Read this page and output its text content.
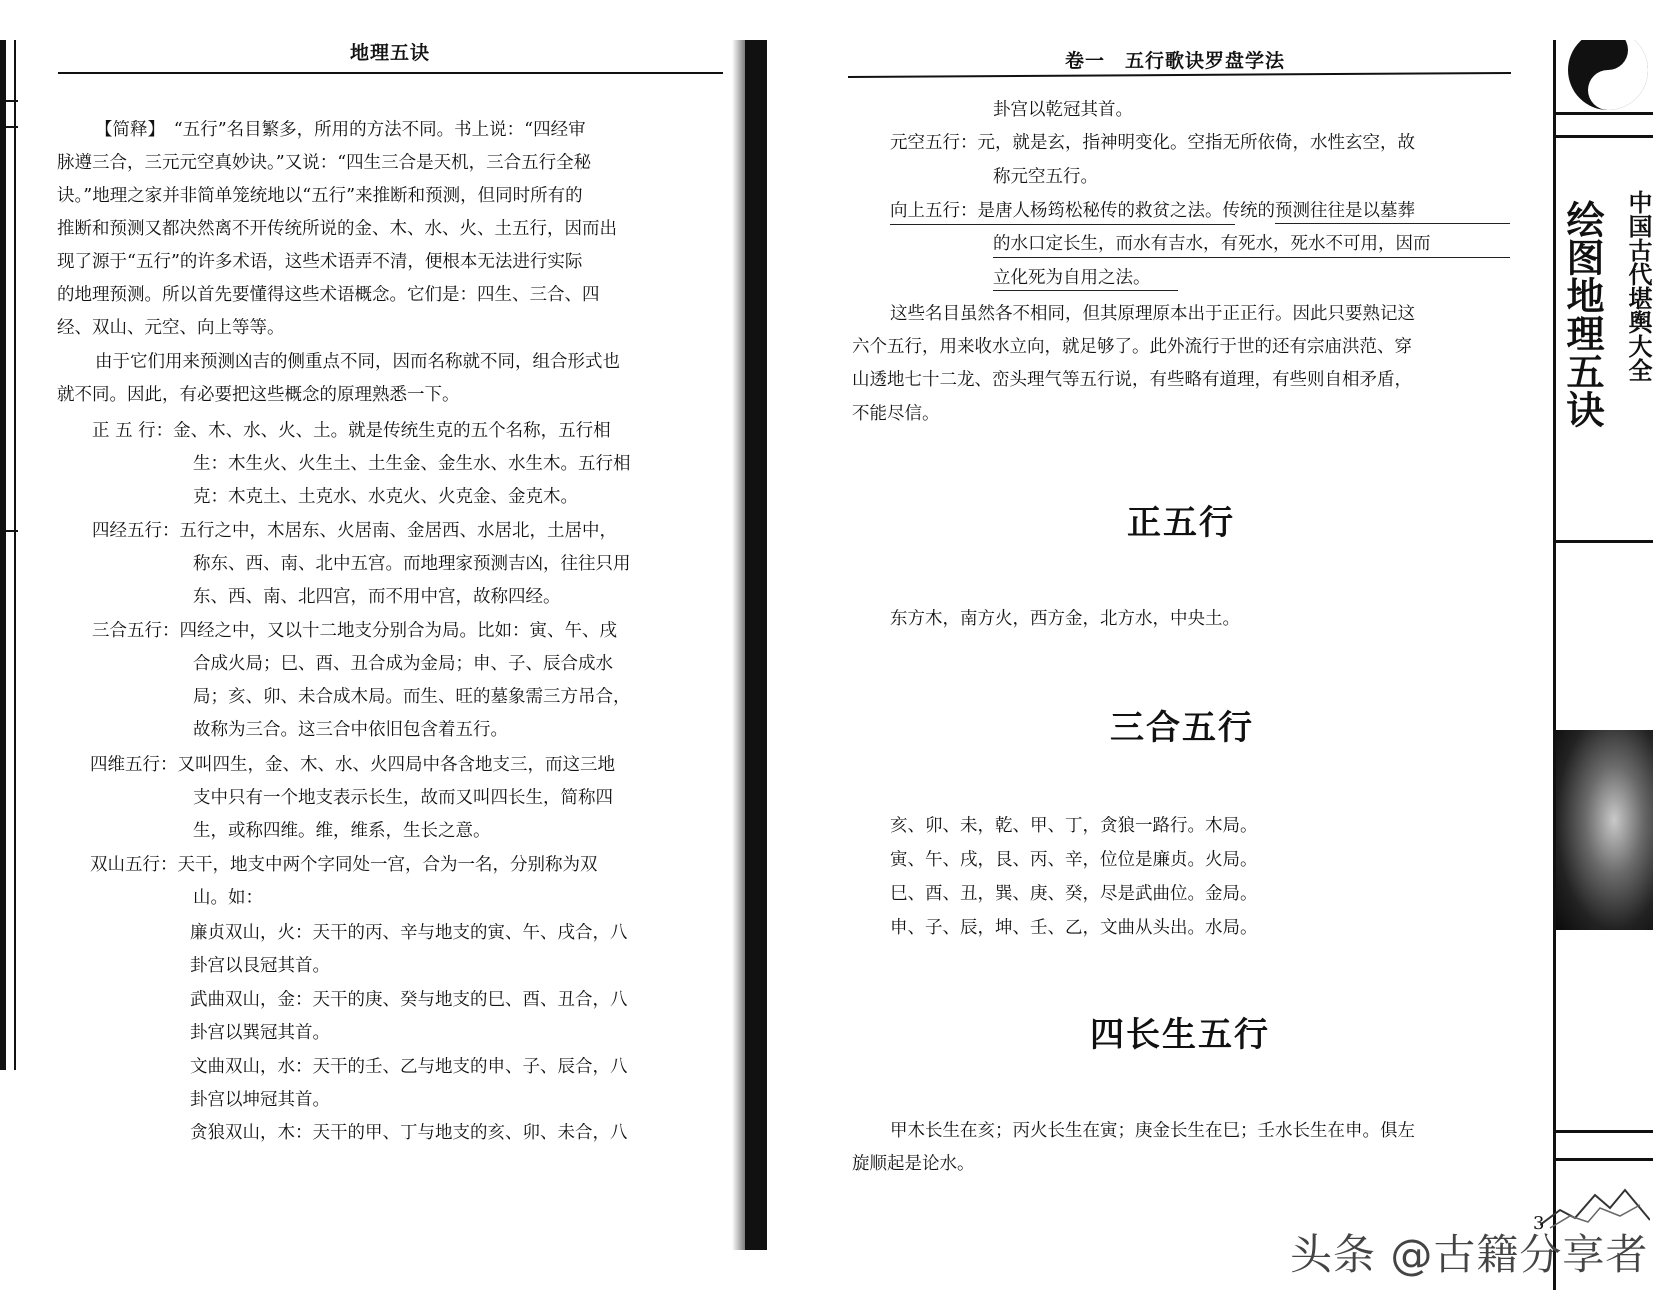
地理五诀
【简释】　“五行”名目繁多，所用的方法不同。书上说：“四经审
脉遵三合，三元元空真妙诀。”又说：“四生三合是天机，三合五行全秘
诀。”地理之家并非简单笼统地以“五行”来推断和预测，但同时所有的
推断和预测又都决然离不开传统所说的金、木、水、火、土五行，因而出
现了源于“五行”的许多术语，这些术语弄不清，便根本无法进行实际
的地理预测。所以首先要懂得这些术语概念。它们是：四生、三合、四
经、双山、元空、向上等等。
由于它们用来预测凶吉的侧重点不同，因而名称就不同，组合形式也
就不同。因此，有必要把这些概念的原理熟悉一下。
正 五 行：金、木、水、火、土。就是传统生克的五个名称，五行相
生：木生火、火生土、土生金、金生水、水生木。五行相
克：木克土、土克水、水克火、火克金、金克木。
四经五行：五行之中，木居东、火居南、金居西、水居北，土居中，
称东、西、南、北中五宫。而地理家预测吉凶，往往只用
东、西、南、北四宫，而不用中宫，故称四经。
三合五行：四经之中，又以十二地支分别合为局。比如：寅、午、戌
合成火局；巳、酉、丑合成为金局；申、子、辰合成水
局；亥、卯、未合成木局。而生、旺的墓象需三方吊合，
故称为三合。这三合中依旧包含着五行。
四维五行：又叫四生，金、木、水、火四局中各含地支三，而这三地
支中只有一个地支表示长生，故而又叫四长生，简称四
生，或称四维。维，维系，生长之意。
双山五行：天干，地支中两个字同处一宫，合为一名，分别称为双
山。如：
廉贞双山，火：天干的丙、辛与地支的寅、午、戌合，八
卦宫以艮冠其首。
武曲双山，金：天干的庚、癸与地支的巳、酉、丑合，八
卦宫以巽冠其首。
文曲双山，水：天干的壬、乙与地支的申、子、辰合，八
卦宫以坤冠其首。
贪狼双山，木：天干的甲、丁与地支的亥、卯、未合，八
卷一　五行歌诀罗盘学法
卦宫以乾冠其首。
元空五行：元，就是玄，指神明变化。空指无所依倚，水性玄空，故
称元空五行。
向上五行：是唐人杨筠松秘传的救贫之法。传统的预测往往是以墓葬
的水口定长生，而水有吉水，有死水，死水不可用，因而
立化死为自用之法。
这些名目虽然各不相同，但其原理原本出于正正行。因此只要熟记这
六个五行，用来收水立向，就足够了。此外流行于世的还有宗庙洪范、穿
山透地七十二龙、峦头理气等五行说，有些略有道理，有些则自相矛盾，
不能尽信。
东方木，南方火，西方金，北方水，中央土。
亥、卯、未，乾、甲、丁，贪狼一路行。木局。
寅、午、戌，艮、丙、辛，位位是廉贞。火局。
巳、酉、丑，巽、庚、癸，尽是武曲位。金局。
申、子、辰，坤、壬、乙，文曲从头出。水局。
甲木长生在亥；丙火长生在寅；庚金长生在巳；壬水长生在申。俱左
旋顺起是论水。
正五行
三合五行
四长生五行
绘图地理五诀 中国古代堪舆大全
3
头条 @古籍分享者
